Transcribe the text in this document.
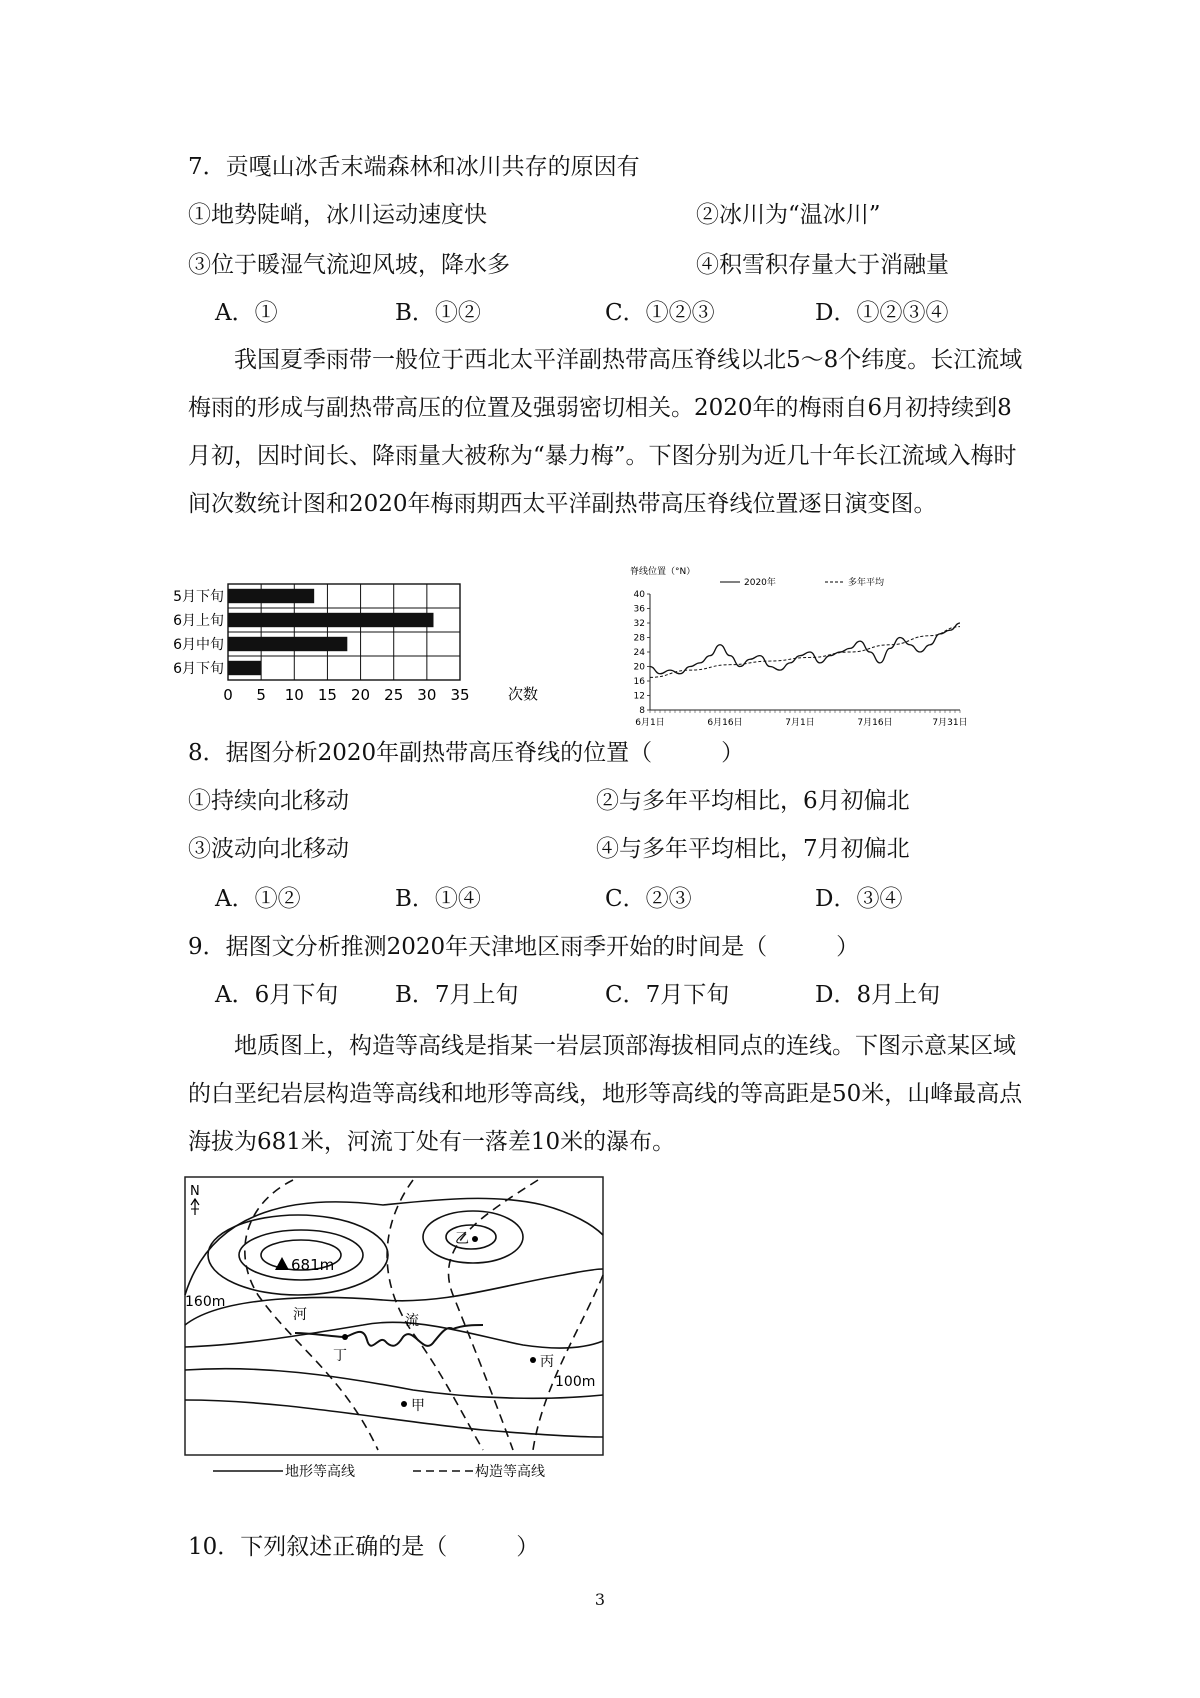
7．贡嘎山冰舌末端森林和冰川共存的原因有
①地势陡峭，冰川运动速度快	②冰川为“温冰川”
③位于暖湿气流迎风坡，降水多	④积雪积存量大于消融量
A．①	B．①②	C．①②③	D．①②③④
我国夏季雨带一般位于西北太平洋副热带高压脊线以北5～8个纬度。长江流域梅雨的形成与副热带高压的位置及强弱密切相关。2020年的梅雨自6月初持续到8月初，因时间长、降雨量大被称为“暴力梅”。下图分别为近几十年长江流域入梅时间次数统计图和2020年梅雨期西太平洋副热带高压脊线位置逐日演变图。
5月下旬
6月上旬
6月中旬
6月下旬
0 5 10 15 20 25 30 35	次数
脊线位置（°N）
2020年	多年平均
8
12
16
20
24
28
32
36
40
6月1日	6月16日	7月1日	7月16日	7月31日
8．据图分析2020年副热带高压脊线的位置（　　　）
①持续向北移动	②与多年平均相比，6月初偏北
③波动向北移动	④与多年平均相比，7月初偏北
A．①②	B．①④	C．②③	D．③④
9．据图文分析推测2020年天津地区雨季开始的时间是（　　　）
A．6月下旬 B．7月上旬	C．7月下旬	D．8月上旬
地质图上，构造等高线是指某一岩层顶部海拔相同点的连线。下图示意某区域的白垩纪岩层构造等高线和地形等高线，地形等高线的等高距是50米，山峰最高点海拔为681米，河流丁处有一落差10米的瀑布。
N
681m
乙
160m
河	流
丁	丙
100m
甲
地形等高线	构造等高线
10．下列叙述正确的是（　　　）
3
